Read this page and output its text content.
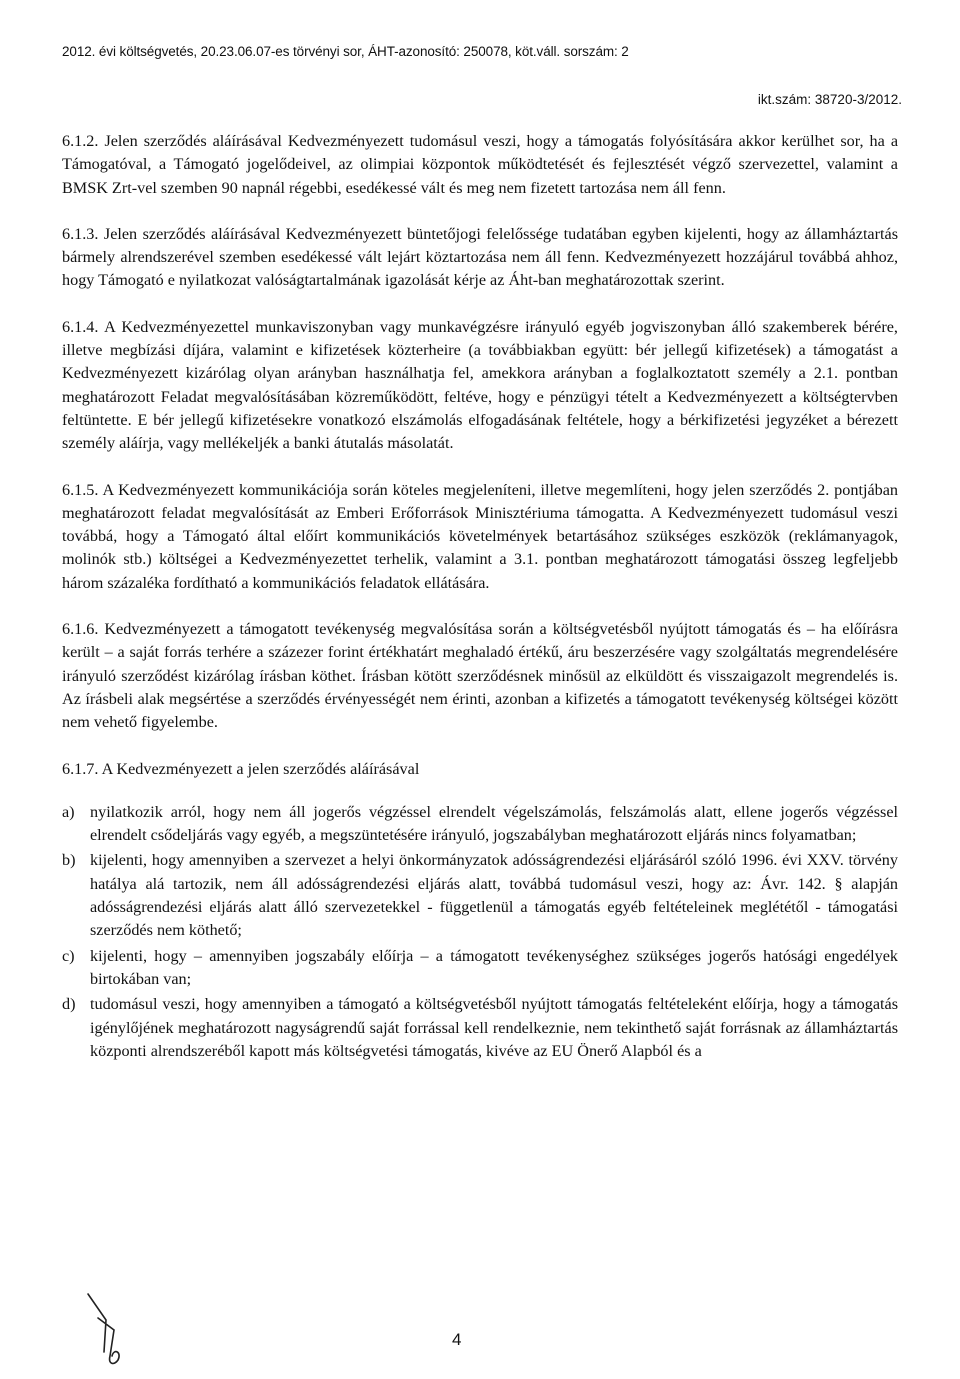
2012. évi költségvetés, 20.23.06.07-es törvényi sor, ÁHT-azonosító: 250078, köt.váll. sorszám: 2
ikt.szám: 38720-3/2012.

6.1.2. Jelen szerződés aláírásával Kedvezményezett tudomásul veszi, hogy a támogatás folyósítására akkor kerülhet sor, ha a Támogatóval, a Támogató jogelődeivel, az olimpiai központok működtetését és fejlesztését végző szervezettel, valamint a BMSK Zrt-vel szemben 90 napnál régebbi, esedékessé vált és meg nem fizetett tartozása nem áll fenn.

6.1.3. Jelen szerződés aláírásával Kedvezményezett büntetőjogi felelőssége tudatában egyben kijelenti, hogy az államháztartás bármely alrendszerével szemben esedékessé vált lejárt köztartozása nem áll fenn. Kedvezményezett hozzájárul továbbá ahhoz, hogy Támogató e nyilatkozat valóságtartalmának igazolását kérje az Áht-ban meghatározottak szerint.

6.1.4. A Kedvezményezettel munkaviszonyban vagy munkavégzésre irányuló egyéb jogviszonyban álló szakemberek bérére, illetve megbízási díjára, valamint e kifizetések közterheire (a továbbiakban együtt: bér jellegű kifizetések) a támogatást a Kedvezményezett kizárólag olyan arányban használhatja fel, amekkora arányban a foglalkoztatott személy a 2.1. pontban meghatározott Feladat megvalósításában közreműködött, feltéve, hogy e pénzügyi tételt a Kedvezményezett a költségtervben feltüntette. E bér jellegű kifizetésekre vonatkozó elszámolás elfogadásának feltétele, hogy a bérkifizetési jegyzéket a bérezett személy aláírja, vagy mellékeljék a banki átutalás másolatát.

6.1.5. A Kedvezményezett kommunikációja során köteles megjeleníteni, illetve megemlíteni, hogy jelen szerződés 2. pontjában meghatározott feladat megvalósítását az Emberi Erőforrások Minisztériuma támogatta. A Kedvezményezett tudomásul veszi továbbá, hogy a Támogató által előírt kommunikációs követelmények betartásához szükséges eszközök (reklámanyagok, molinók stb.) költségei a Kedvezményezettet terhelik, valamint a 3.1. pontban meghatározott támogatási összeg legfeljebb három százaléka fordítható a kommunikációs feladatok ellátására.

6.1.6. Kedvezményezett a támogatott tevékenység megvalósítása során a költségvetésből nyújtott támogatás és – ha előírásra került – a saját forrás terhére a százezer forint értékhatárt meghaladó értékű, áru beszerzésére vagy szolgáltatás megrendelésére irányuló szerződést kizárólag írásban köthet. Írásban kötött szerződésnek minősül az elküldött és visszaigazolt megrendelés is. Az írásbeli alak megsértése a szerződés érvényességét nem érinti, azonban a kifizetés a támogatott tevékenység költségei között nem vehető figyelembe.

6.1.7. A Kedvezményezett a jelen szerződés aláírásával

a) nyilatkozik arról, hogy nem áll jogerős végzéssel elrendelt végelszámolás, felszámolás alatt, ellene jogerős végzéssel elrendelt csődeljárás vagy egyéb, a megszüntetésére irányuló, jogszabályban meghatározott eljárás nincs folyamatban;
b) kijelenti, hogy amennyiben a szervezet a helyi önkormányzatok adósságrendezési eljárásáról szóló 1996. évi XXV. törvény hatálya alá tartozik, nem áll adósságrendezési eljárás alatt, továbbá tudomásul veszi, hogy az: Ávr. 142. § alapján adósságrendezési eljárás alatt álló szervezetekkel - függetlenül a támogatás egyéb feltételeinek meglététől - támogatási szerződés nem köthető;
c) kijelenti, hogy – amennyiben jogszabály előírja – a támogatott tevékenységhez szükséges jogerős hatósági engedélyek birtokában van;
d) tudomásul veszi, hogy amennyiben a támogató a költségvetésből nyújtott támogatás feltételeként előírja, hogy a támogatás igénylőjének meghatározott nagyságrendű saját forrással kell rendelkeznie, nem tekinthető saját forrásnak az államháztartás központi alrendszeréből kapott más költségvetési támogatás, kivéve az EU Önerő Alapból és a
4
